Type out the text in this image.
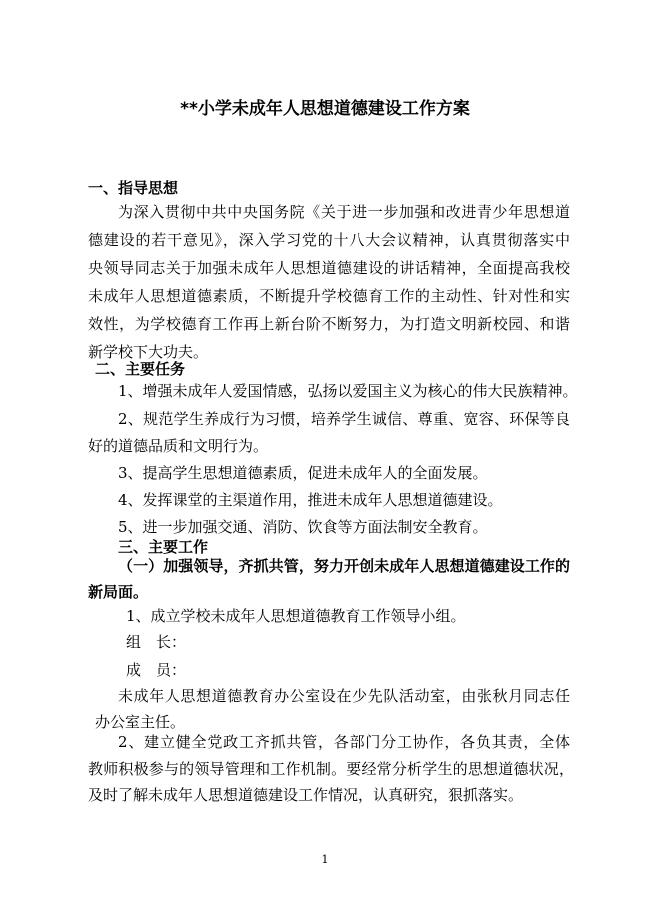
**小学未成年人思想道德建设工作方案
一、指导思想
为深入贯彻中共中央国务院《关于进一步加强和改进青少年思想道
德建设的若干意见》，深入学习党的十八大会议精神，认真贯彻落实中
央领导同志关于加强未成年人思想道德建设的讲话精神，全面提高我校
未成年人思想道德素质，不断提升学校德育工作的主动性、针对性和实
效性，为学校德育工作再上新台阶不断努力，为打造文明新校园、和谐
新学校下大功夫。
二、主要任务
1、增强未成年人爱国情感，弘扬以爱国主义为核心的伟大民族精神。
2、规范学生养成行为习惯，培养学生诚信、尊重、宽容、环保等良
好的道德品质和文明行为。
3、提高学生思想道德素质，促进未成年人的全面发展。
4、发挥课堂的主渠道作用，推进未成年人思想道德建设。
5、进一步加强交通、消防、饮食等方面法制安全教育。
三、主要工作
（一）加强领导，齐抓共管，努力开创未成年人思想道德建设工作的
新局面。
1、成立学校未成年人思想道德教育工作领导小组。
组　长：
成　员：
未成年人思想道德教育办公室设在少先队活动室，由张秋月同志任
办公室主任。
2、建立健全党政工齐抓共管，各部门分工协作，各负其责，全体
教师积极参与的领导管理和工作机制。要经常分析学生的思想道德状况，
及时了解未成年人思想道德建设工作情况，认真研究，狠抓落实。
1
